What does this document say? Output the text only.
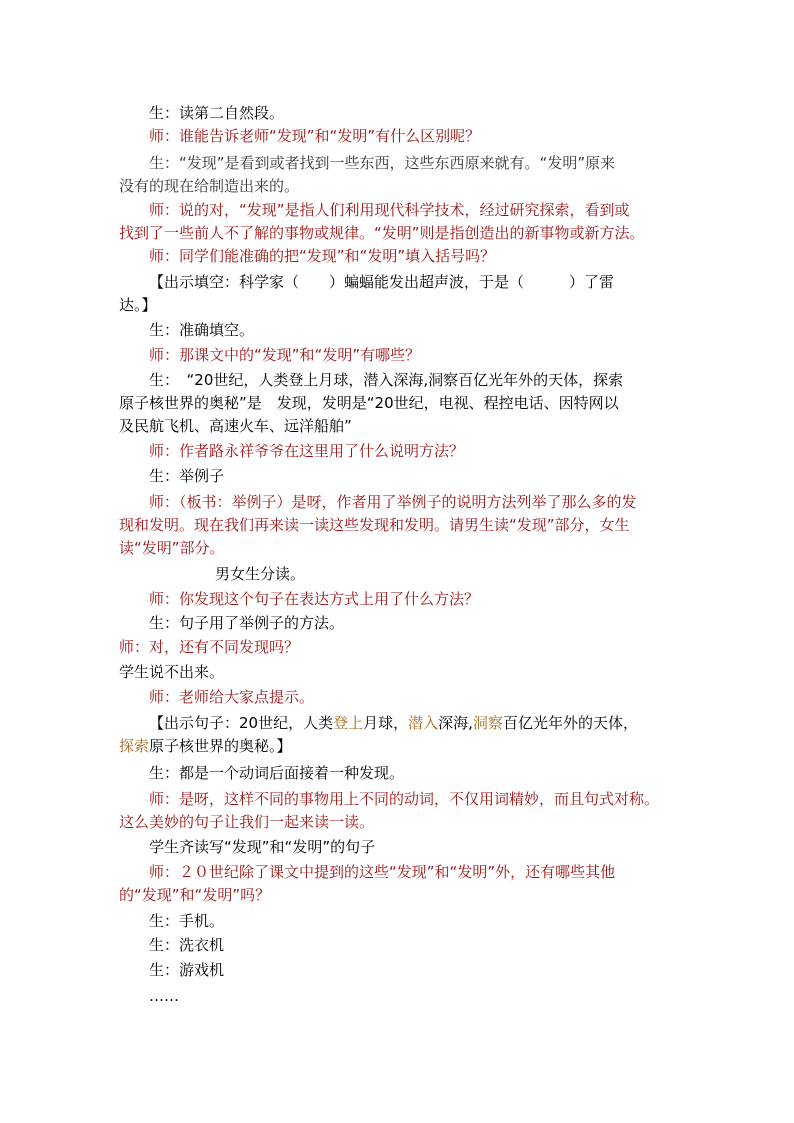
生：读第二自然段。
师：谁能告诉老师“发现”和“发明”有什么区别呢？
生：“发现”是看到或者找到一些东西，这些东西原来就有。“发明”原来
没有的现在给制造出来的。
师：说的对，“发现”是指人们利用现代科学技术，经过研究探索，看到或
找到了一些前人不了解的事物或规律。“发明”则是指创造出的新事物或新方法。
师：同学们能准确的把“发现”和“发明”填入括号吗？
【出示填空：科学家（　　）蝙蝠能发出超声波，于是（　　　）了雷
达。】
生：准确填空。
师：那课文中的“发现”和“发明”有哪些？
生：　“20世纪，人类登上月球，潜入深海,洞察百亿光年外的天体，探索
原子核世界的奥秘”是　发现，发明是“20世纪，电视、程控电话、因特网以
及民航飞机、高速火车、远洋船舶”
师：作者路永祥爷爷在这里用了什么说明方法？
生：举例子
师：（板书：举例子）是呀，作者用了举例子的说明方法列举了那么多的发
现和发明。现在我们再来读一读这些发现和发明。请男生读“发现”部分，女生
读“发明”部分。
男女生分读。
师：你发现这个句子在表达方式上用了什么方法？
生：句子用了举例子的方法。
师：对，还有不同发现吗？
学生说不出来。
师：老师给大家点提示。
【出示句子：20世纪，人类登上月球，潜入深海,洞察百亿光年外的天体，
探索原子核世界的奥秘。】
生：都是一个动词后面接着一种发现。
师：是呀，这样不同的事物用上不同的动词，不仅用词精妙，而且句式对称。
这么美妙的句子让我们一起来读一读。
学生齐读写“发现”和“发明”的句子
师：２０世纪除了课文中提到的这些“发现”和“发明”外，还有哪些其他
的“发现”和“发明”吗？
生：手机。
生：洗衣机
生：游戏机
……
